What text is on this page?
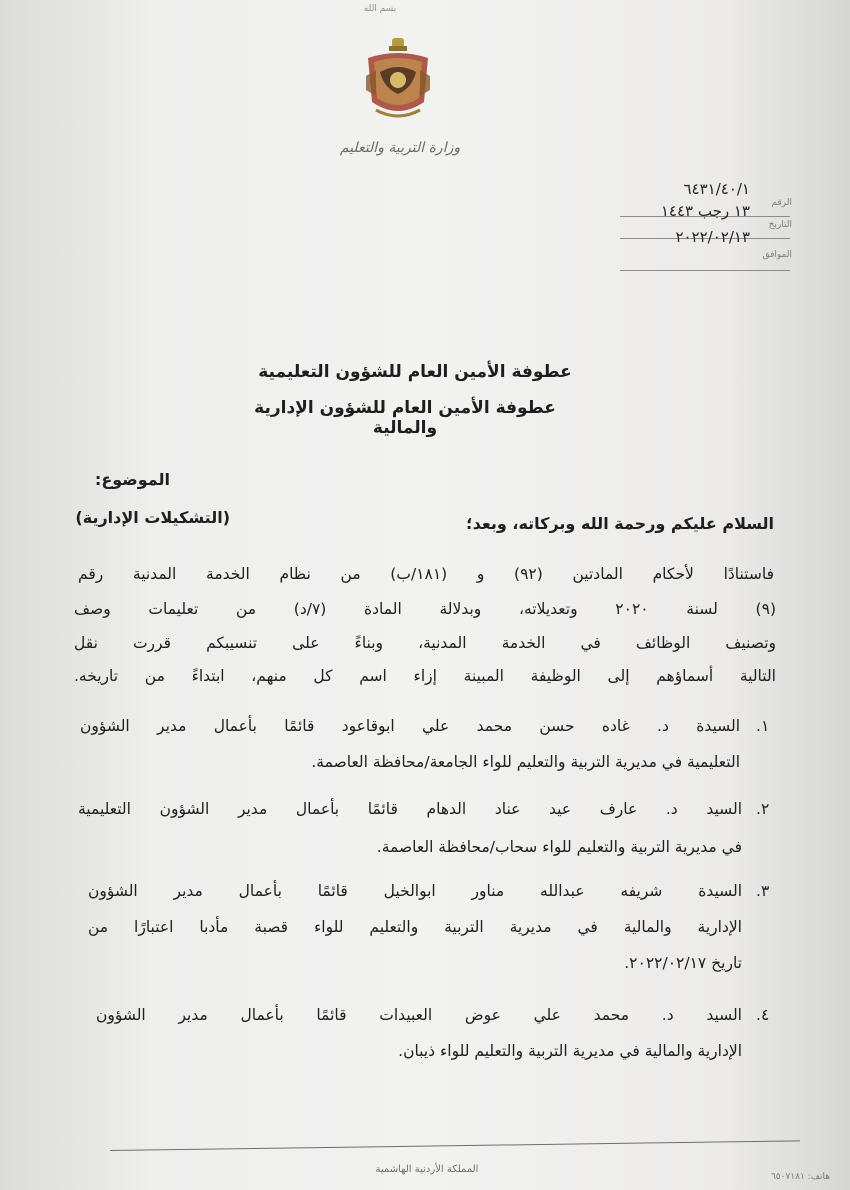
بسم الله
وزارة التربية والتعليم
الرقم
٦٤٣١/٤٠/١
التاريخ
١٣ رجب ١٤٤٣
٢٠٢٢/٠٢/١٣
الموافق
عطوفة الأمين العام للشؤون التعليمية
عطوفة الأمين العام للشؤون الإدارية والمالية
الموضوع:
(التشكيلات الإدارية)	السلام عليكم ورحمة الله وبركاته، وبعد؛
فاستنادًا لأحكام المادتين (٩٢) و (١٨١/ب) من نظام الخدمة المدنية رقم
(٩) لسنة ٢٠٢٠ وتعديلاته، وبدلالة المادة (٧/د) من تعليمات وصف
وتصنيف الوظائف في الخدمة المدنية، وبناءً على تنسيبكم قررت نقل
التالية أسماؤهم إلى الوظيفة المبينة إزاء اسم كل منهم، ابتداءً من تاريخه.
١.
السيدة د. غاده حسن محمد علي ابوقاعود قائمًا بأعمال مدير الشؤون
التعليمية في مديرية التربية والتعليم للواء الجامعة/محافظة العاصمة.
٢.
السيد د. عارف عيد عناد الدهام قائمًا بأعمال مدير الشؤون التعليمية
في مديرية التربية والتعليم للواء سحاب/محافظة العاصمة.
٣.
السيدة شريفه عبدالله مناور ابوالخيل قائمًا بأعمال مدير الشؤون
الإدارية والمالية في مديرية التربية والتعليم للواء قصبة مأدبا اعتبارًا من
تاريخ ٢٠٢٢/٠٢/١٧.
٤.
السيد د. محمد علي عوض العبيدات قائمًا بأعمال مدير الشؤون
الإدارية والمالية في مديرية التربية والتعليم للواء ذيبان.
المملكة الأردنية الهاشمية
هاتف: ٦٥٠٧١٨١
